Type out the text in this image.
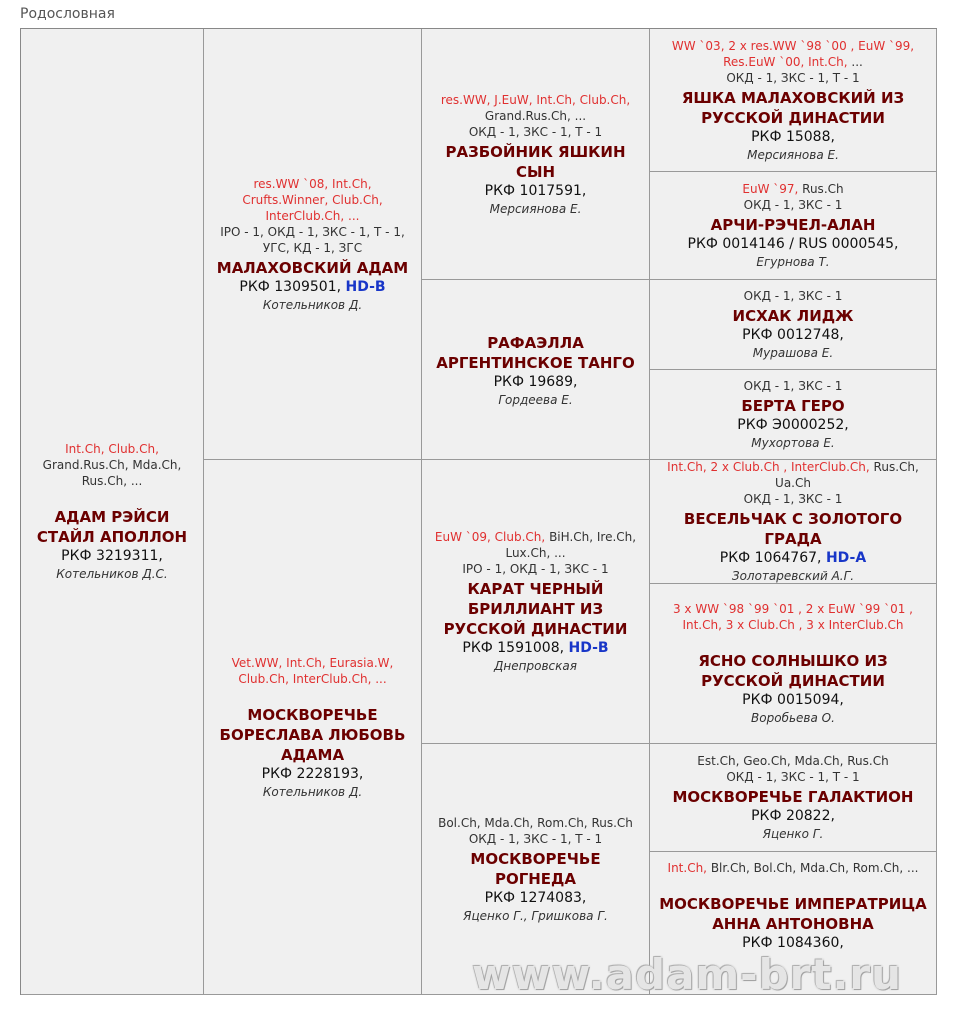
Родословная
Int.Ch, Club.Ch, Grand.Rus.Ch, Mda.Ch, Rus.Ch, ...
АДАМ РЭЙСИ СТАЙЛ АПОЛЛОН
РКФ 3219311,
Котельников Д.С.
res.WW `08, Int.Ch, Crufts.Winner, Club.Ch, InterClub.Ch, ...
IPO - 1, ОКД - 1, ЗКС - 1, Т - 1, УГС, КД - 1, ЗГС
МАЛАХОВСКИЙ АДАМ
РКФ 1309501, HD-B
Котельников Д.
Vet.WW, Int.Ch, Eurasia.W, Club.Ch, InterClub.Ch, ...
МОСКВОРЕЧЬЕ БОРЕСЛАВА ЛЮБОВЬ АДАМА
РКФ 2228193,
Котельников Д.
res.WW, J.EuW, Int.Ch, Club.Ch, Grand.Rus.Ch, ...
ОКД - 1, ЗКС - 1, Т - 1
РАЗБОЙНИК ЯШКИН СЫН
РКФ 1017591,
Мерсиянова Е.
РАФАЭЛЛА АРГЕНТИНСКОЕ ТАНГО
РКФ 19689,
Гордеева Е.
EuW `09, Club.Ch, BiH.Ch, Ire.Ch, Lux.Ch, ...
IPO - 1, ОКД - 1, ЗКС - 1
КАРАТ ЧЕРНЫЙ БРИЛЛИАНТ ИЗ РУССКОЙ ДИНАСТИИ
РКФ 1591008, HD-B
Днепровская
Bol.Ch, Mda.Ch, Rom.Ch, Rus.Ch
ОКД - 1, ЗКС - 1, Т - 1
МОСКВОРЕЧЬЕ РОГНЕДА
РКФ 1274083,
Яценко Г., Гришкова Г.
WW `03, 2 x res.WW `98 `00 , EuW `99, Res.EuW `00, Int.Ch, ...
ОКД - 1, ЗКС - 1, Т - 1
ЯШКА МАЛАХОВСКИЙ ИЗ РУССКОЙ ДИНАСТИИ
РКФ 15088,
Мерсиянова Е.
EuW `97, Rus.Ch
ОКД - 1, ЗКС - 1
АРЧИ-РЭЧЕЛ-АЛАН
РКФ 0014146 / RUS 0000545,
Егурнова Т.
ОКД - 1, ЗКС - 1
ИСХАК ЛИДЖ
РКФ 0012748,
Мурашова Е.
ОКД - 1, ЗКС - 1
БЕРТА ГЕРО
РКФ Э0000252,
Мухортова Е.
Int.Ch, 2 x Club.Ch , InterClub.Ch, Rus.Ch, Ua.Ch
ОКД - 1, ЗКС - 1
ВЕСЕЛЬЧАК С ЗОЛОТОГО ГРАДА
РКФ 1064767, HD-A
Золотаревский А.Г.
3 x WW `98 `99 `01 , 2 x EuW `99 `01 , Int.Ch, 3 x Club.Ch , 3 x InterClub.Ch
ЯСНО СОЛНЫШКО ИЗ РУССКОЙ ДИНАСТИИ
РКФ 0015094,
Воробьева О.
Est.Ch, Geo.Ch, Mda.Ch, Rus.Ch
ОКД - 1, ЗКС - 1, Т - 1
МОСКВОРЕЧЬЕ ГАЛАКТИОН
РКФ 20822,
Яценко Г.
Int.Ch, Blr.Ch, Bol.Ch, Mda.Ch, Rom.Ch, ...
МОСКВОРЕЧЬЕ ИМПЕРАТРИЦА АННА АНТОНОВНА
РКФ 1084360,
www.adam-brt.ru
